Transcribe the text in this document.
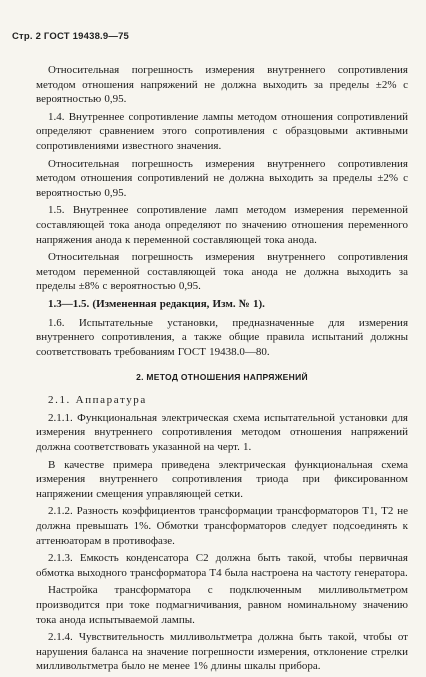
Стр. 2 ГОСТ 19438.9—75

Относительная погрешность измерения внутреннего сопротивления методом отношения напряжений не должна выходить за пределы ±2% с вероятностью 0,95.

1.4. Внутреннее сопротивление лампы методом отношения сопротивлений определяют сравнением этого сопротивления с образцовыми активными сопротивлениями известного значения.

Относительная погрешность измерения внутреннего сопротивления методом отношения сопротивлений не должна выходить за пределы ±2% с вероятностью 0,95.

1.5. Внутреннее сопротивление ламп методом измерения переменной составляющей тока анода определяют по значению отношения переменного напряжения анода к переменной составляющей тока анода.

Относительная погрешность измерения внутреннего сопротивления методом переменной составляющей тока анода не должна выходить за пределы ±8% с вероятностью 0,95.

1.3—1.5. (Измененная редакция, Изм. № 1).

1.6. Испытательные установки, предназначенные для измерения внутреннего сопротивления, а также общие правила испытаний должны соответствовать требованиям ГОСТ 19438.0—80.

2. МЕТОД ОТНОШЕНИЯ НАПРЯЖЕНИЙ

2.1. Аппаратура

2.1.1. Функциональная электрическая схема испытательной установки для измерения внутреннего сопротивления методом отношения напряжений должна соответствовать указанной на черт. 1.

В качестве примера приведена электрическая функциональная схема измерения внутреннего сопротивления триода при фиксированном напряжении смещения управляющей сетки.

2.1.2. Разность коэффициентов трансформации трансформаторов Т1, Т2 не должна превышать 1%. Обмотки трансформаторов следует подсоединять к аттенюаторам в противофазе.

2.1.3. Емкость конденсатора С2 должна быть такой, чтобы первичная обмотка выходного трансформатора Т4 была настроена на частоту генератора.

Настройка трансформатора с подключенным милливольтметром производится при токе подмагничивания, равном номинальному значению тока анода испытываемой лампы.

2.1.4. Чувствительность милливольтметра должна быть такой, чтобы от нарушения баланса на значение погрешности измерения, отклонение стрелки милливольтметра было не менее 1% длины шкалы прибора.
